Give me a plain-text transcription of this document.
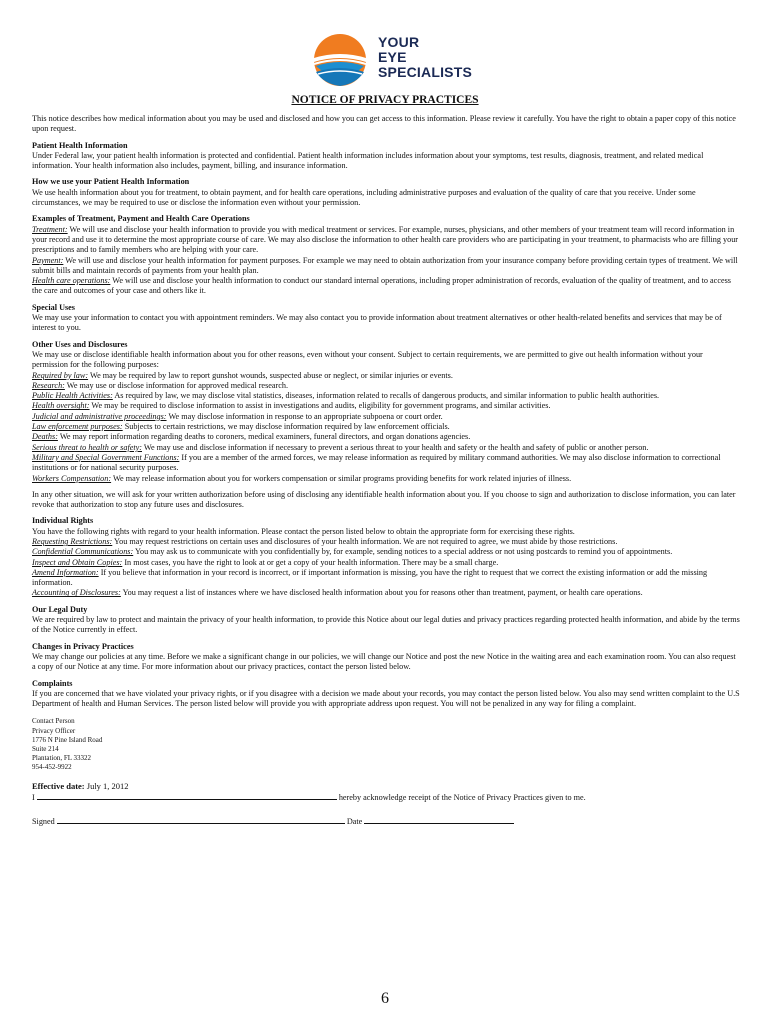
YOUR
EYE
SPECIALISTS
NOTICE OF PRIVACY PRACTICES

This notice describes how medical information about you may be used and disclosed and how you can get access to this information. Please review it carefully. You have the right to obtain a paper copy of this notice upon request.

Patient Health Information

Under Federal law, your patient health information is protected and confidential. Patient health information includes information about your symptoms, test results, diagnosis, treatment, and related medical information. Your health information also includes, payment, billing, and insurance information.

How we use your Patient Health Information

We use health information about you for treatment, to obtain payment, and for health care operations, including administrative purposes and evaluation of the quality of care that you receive. Under some circumstances, we may be required to use or disclose the information even without your permission.

Examples of Treatment, Payment and Health Care Operations

Treatment: We will use and disclose your health information to provide you with medical treatment or services. For example, nurses, physicians, and other members of your treatment team will record information in your record and use it to determine the most appropriate course of care. We may also disclose the information to other health care providers who are participating in your treatment, to pharmacists who are filling your prescriptions and to family members who are helping with your care.

Payment: We will use and disclose your health information for payment purposes. For example we may need to obtain authorization from your insurance company before providing certain types of treatment. We will submit bills and maintain records of payments from your health plan.

Health care operations: We will use and disclose your health information to conduct our standard internal operations, including proper administration of records, evaluation of the quality of treatment, and to access the care and outcomes of your case and others like it.

Special Uses

We may use your information to contact you with appointment reminders. We may also contact you to provide information about treatment alternatives or other health-related benefits and services that may be of interest to you.

Other Uses and Disclosures

We may use or disclose identifiable health information about you for other reasons, even without your consent. Subject to certain requirements, we are permitted to give out health information without your permission for the following purposes:

Required by law: We may be required by law to report gunshot wounds, suspected abuse or neglect, or similar injuries or events.

Research: We may use or disclose information for approved medical research.

Public Health Activities: As required by law, we may disclose vital statistics, diseases, information related to recalls of dangerous products, and similar information to public health authorities.

Health oversight: We may be required to disclose information to assist in investigations and audits, eligibility for government programs, and similar activities.

Judicial and administrative proceedings: We may disclose information in response to an appropriate subpoena or court order.

Law enforcement purposes: Subjects to certain restrictions, we may disclose information required by law enforcement officials.

Deaths: We may report information regarding deaths to coroners, medical examiners, funeral directors, and organ donations agencies.

Serious threat to health or safety: We may use and disclose information if necessary to prevent a serious threat to your health and safety or the health and safety of public or another person.

Military and Special Government Functions: If you are a member of the armed forces, we may release information as required by military command authorities. We may also disclose information to correctional institutions or for national security purposes.

Workers Compensation: We may release information about you for workers compensation or similar programs providing benefits for work related injuries of illness.

In any other situation, we will ask for your written authorization before using of disclosing any identifiable health information about you. If you choose to sign and authorization to disclose information, you can later revoke that authorization to stop any future uses and disclosures.

Individual Rights

You have the following rights with regard to your health information. Please contact the person listed below to obtain the appropriate form for exercising these rights.

Requesting Restrictions: You may request restrictions on certain uses and disclosures of your health information. We are not required to agree, we must abide by those restrictions.

Confidential Communications: You may ask us to communicate with you confidentially by, for example, sending notices to a special address or not using postcards to remind you of appointments.

Inspect and Obtain Copies: In most cases, you have the right to look at or get a copy of your health information. There may be a small charge.

Amend Information: If you believe that information in your record is incorrect, or if important information is missing, you have the right to request that we correct the existing information or add the missing information.

Accounting of Disclosures: You may request a list of instances where we have disclosed health information about you for reasons other than treatment, payment, or health care operations.

Our Legal Duty

We are required by law to protect and maintain the privacy of your health information, to provide this Notice about our legal duties and privacy practices regarding protected health information, and abide by the terms of the Notice currently in effect.

Changes in Privacy Practices

We may change our policies at any time. Before we make a significant change in our policies, we will change our Notice and post the new Notice in the waiting area and each examination room. You can also request a copy of our Notice at any time. For more information about our privacy practices, contact the person listed below.

Complaints

If you are concerned that we have violated your privacy rights, or if you disagree with a decision we made about your records, you may contact the person listed below. You also may send written complaint to the U.S Department of health and Human Services. The person listed below will provide you with appropriate address upon request. You will not be penalized in any way for filing a complaint.

Contact Person
Privacy Officer
1776 N Pine Island Road
Suite 214
Plantation, FL 33322
954-452-9922

Effective date: July 1, 2012

I	hereby acknowledge receipt of the Notice of Privacy Practices given to me.

Signed	Date

6
